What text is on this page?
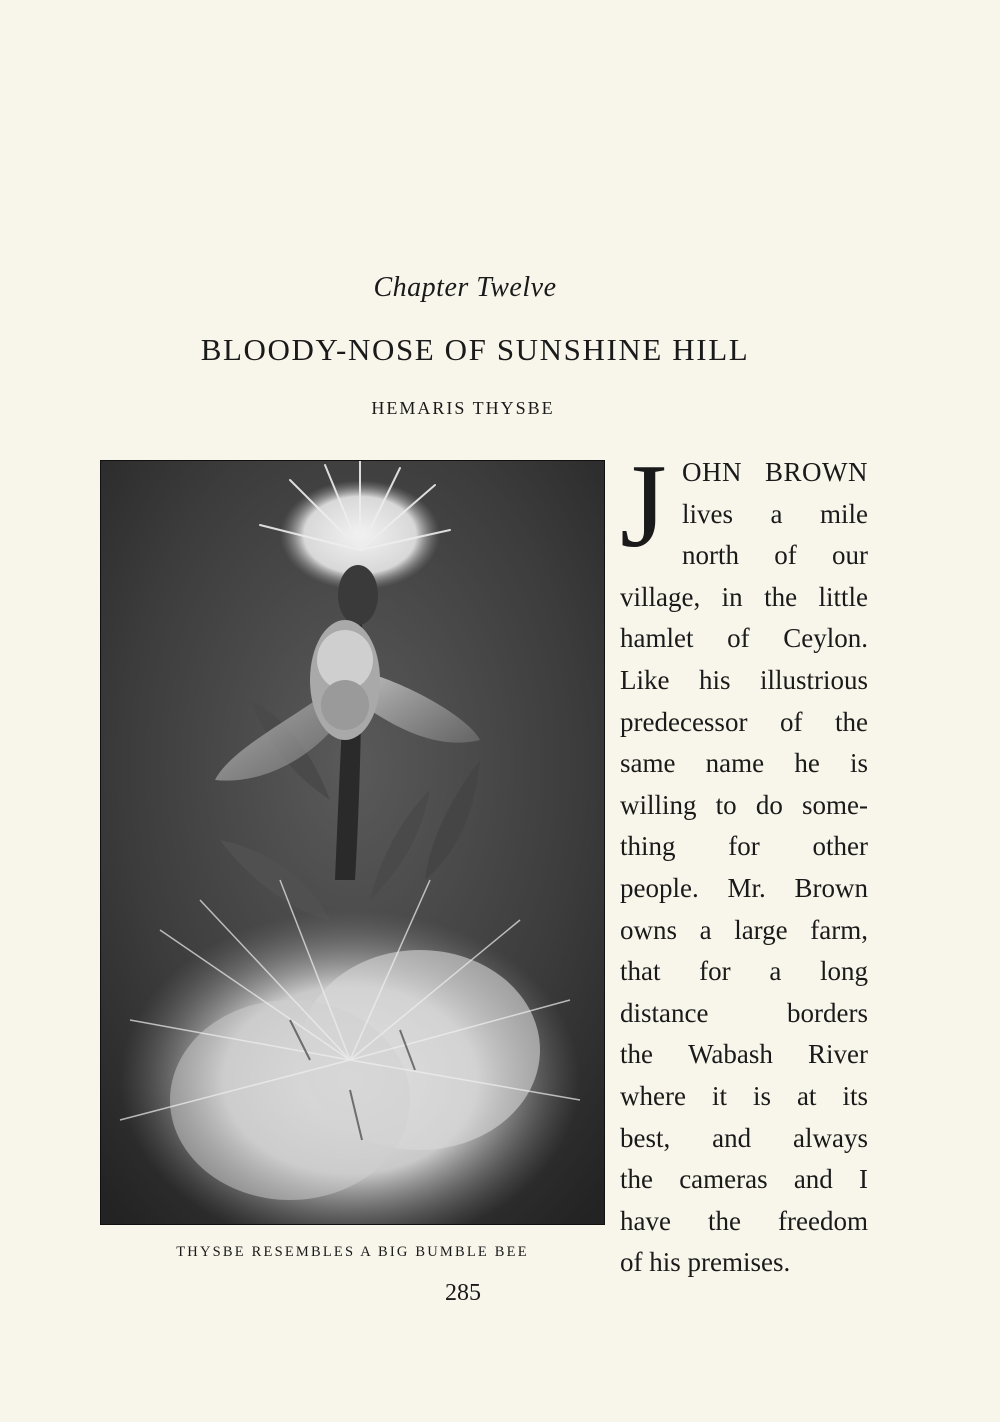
Chapter Twelve
BLOODY-NOSE OF SUNSHINE HILL
HEMARIS THYSBE
THYSBE RESEMBLES A BIG BUMBLE BEE
J OHN BROWN
lives a mile
north of our
village, in the little
hamlet of Ceylon.
Like his illustrious
predecessor of the
same name he is
willing to do some-
thing for other
people. Mr. Brown
owns a large farm,
that for a long
distance	borders
the Wabash River
where it is at its
best, and always
the cameras and I
have the freedom
of his premises.
285
